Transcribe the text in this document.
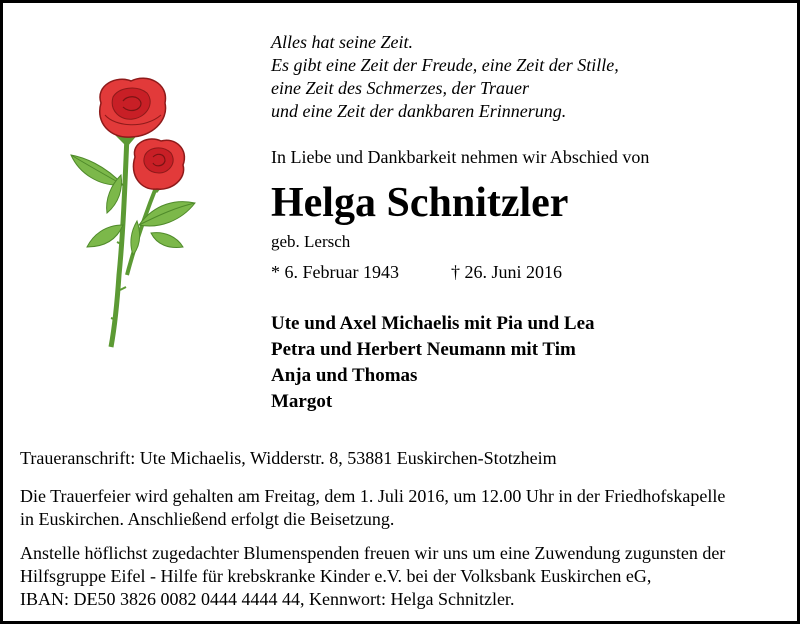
Alles hat seine Zeit.
Es gibt eine Zeit der Freude, eine Zeit der Stille,
eine Zeit des Schmerzes, der Trauer
und eine Zeit der dankbaren Erinnerung.
In Liebe und Dankbarkeit nehmen wir Abschied von
Helga Schnitzler
geb. Lersch
* 6. Februar 1943	† 26. Juni 2016
Ute und Axel Michaelis mit Pia und Lea
Petra und Herbert Neumann mit Tim
Anja und Thomas
Margot
Traueranschrift: Ute Michaelis, Widderstr. 8, 53881 Euskirchen-Stotzheim
Die Trauerfeier wird gehalten am Freitag, dem 1. Juli 2016, um 12.00 Uhr in der Friedhofskapelle
in Euskirchen. Anschließend erfolgt die Beisetzung.
Anstelle höflichst zugedachter Blumenspenden freuen wir uns um eine Zuwendung zugunsten der
Hilfsgruppe Eifel - Hilfe für krebskranke Kinder e.V. bei der Volksbank Euskirchen eG,
IBAN: DE50 3826 0082 0444 4444 44, Kennwort: Helga Schnitzler.
